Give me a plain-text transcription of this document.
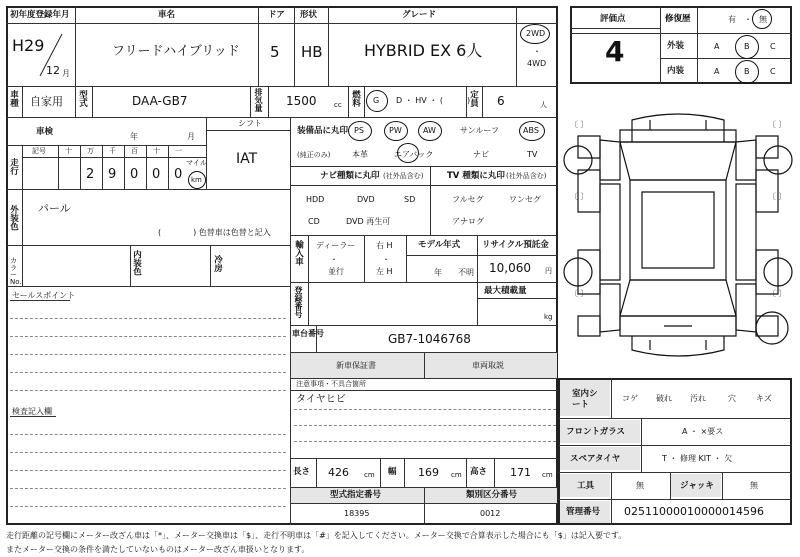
初年度登録年月
H29
12 月
車名
フリードハイブリッド
ドア
5
形状
HB
グレード
HYBRID EX 6人
2WD
・
4WD
評価点
4
修復歴	有 ・ 無
外装	A	B	C
内装	A	B	C
車種 自家用 型式	DAA-GB7	排気量 1500 cc 燃料 G D ・ HV ・ (　　　)
定員 6	人
車検	年	月
シフト
IAT
走行
記号	十 万 千 百 十 一
2 9 0 0 0
マイル
km
外装色 パール
(　　　　) 色替車は色替と記入
カラーNo.
内装色	冷房
セールスポイント
検査記入欄
装備品に丸印
(純正のみ)
PS	PW	AW	サンルーフ	ABS
本革	エアバック	ナビ	TV
ナビ種類に丸印 (社外品含む)	TV 種類に丸印 (社外品含む)
HDD	DVD	SD
CD	DVD 再生可
フルセグ	ワンセグ
アナログ
輸入車 ディーラー
・
並行
右 H
・
左 H
モデル年式
年 不明
リサイクル預託金
10,060 円
登録番号	最大積載量
kg
車台番号	GB7-1046768
新車保証書	車両取説
注意事項・不具合箇所
タイヤヒビ
長さ 426 cm 幅 169 cm 高さ 171 cm
型式指定番号	類別区分番号
18395	0012
室内シート
コゲ 破れ 汚れ	穴	キズ
フロントガラス	A ・ ×要ス
スペアタイヤ	T ・ 修理 KIT ・ 欠
工具	無	ジャッキ	無
管理番号 02511000010000014596
〔 〕	〔 〕
〔 〕	〔 〕
〔 〕	〔 〕
走行距離の記号欄にメーター改ざん車は「*」、メーター交換車は「$」、走行不明車は「#」を記入してください。メーター交換で合算表示した場合にも「$」は記入要です。
またメーター交換の条件を満たしていないものはメーター改ざん車扱いとなります。
